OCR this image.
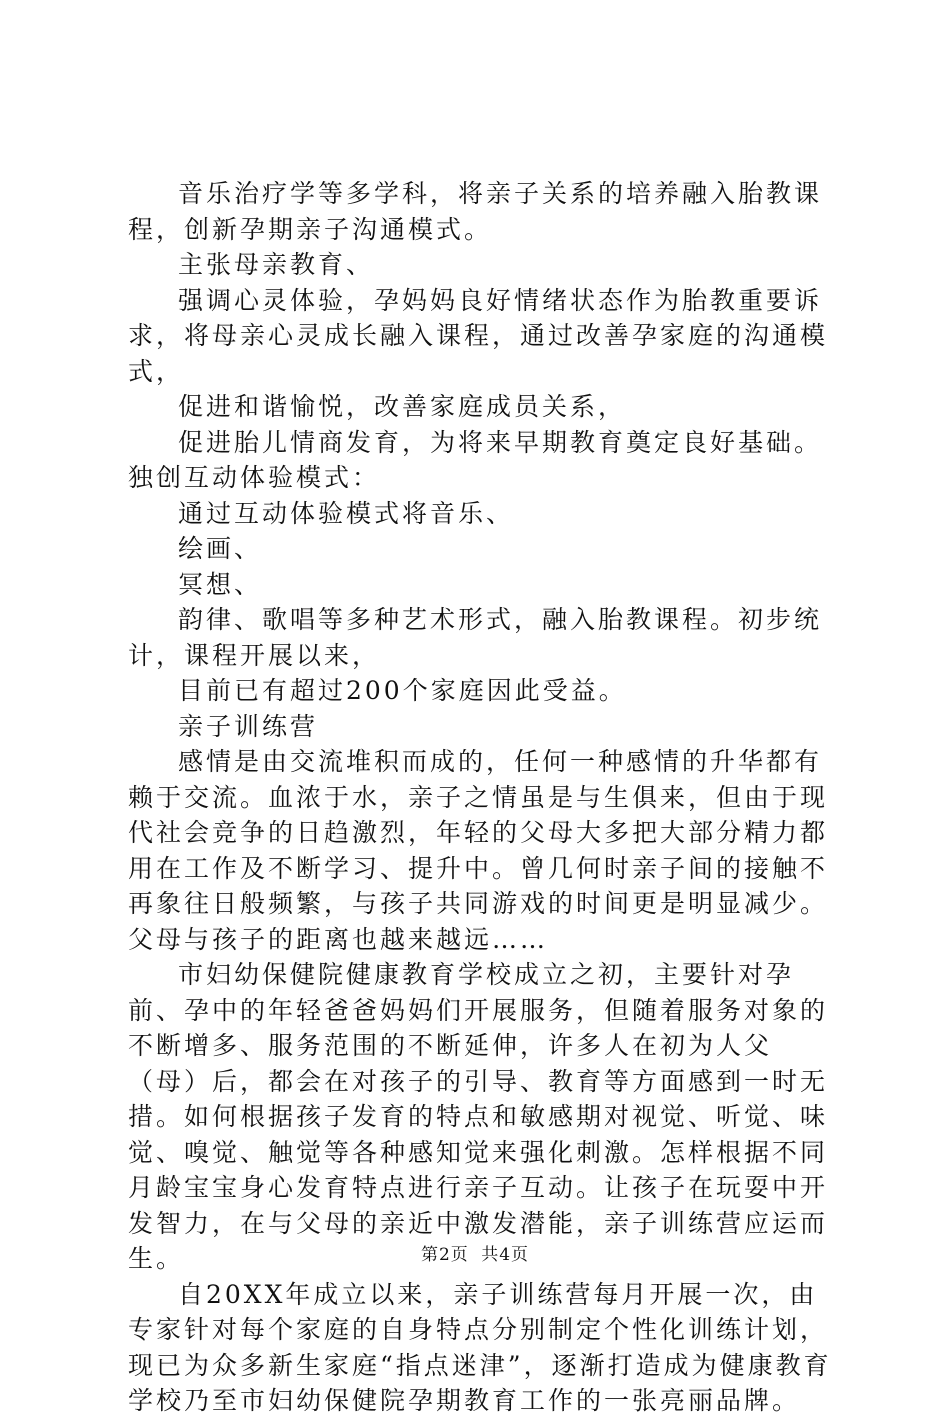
音乐治疗学等多学科，将亲子关系的培养融入胎教课程，创新孕期亲子沟通模式。

主张母亲教育、

强调心灵体验，孕妈妈良好情绪状态作为胎教重要诉求，将母亲心灵成长融入课程，通过改善孕家庭的沟通模式，

促进和谐愉悦，改善家庭成员关系，

促进胎儿情商发育，为将来早期教育奠定良好基础。独创互动体验模式：

通过互动体验模式将音乐、

绘画、

冥想、

韵律、歌唱等多种艺术形式，融入胎教课程。初步统计，课程开展以来，

目前已有超过200个家庭因此受益。

亲子训练营

感情是由交流堆积而成的，任何一种感情的升华都有赖于交流。血浓于水，亲子之情虽是与生俱来，但由于现代社会竞争的日趋激烈，年轻的父母大多把大部分精力都用在工作及不断学习、提升中。曾几何时亲子间的接触不再象往日般频繁，与孩子共同游戏的时间更是明显减少。父母与孩子的距离也越来越远……

市妇幼保健院健康教育学校成立之初，主要针对孕前、孕中的年轻爸爸妈妈们开展服务，但随着服务对象的不断增多、服务范围的不断延伸，许多人在初为人父（母）后，都会在对孩子的引导、教育等方面感到一时无措。如何根据孩子发育的特点和敏感期对视觉、听觉、味觉、嗅觉、触觉等各种感知觉来强化刺激。怎样根据不同月龄宝宝身心发育特点进行亲子互动。让孩子在玩耍中开发智力，在与父母的亲近中激发潜能，亲子训练营应运而生。

自20XX年成立以来，亲子训练营每月开展一次，由专家针对每个家庭的自身特点分别制定个性化训练计划，现已为众多新生家庭“指点迷津”，逐渐打造成为健康教育学校乃至市妇幼保健院孕期教育工作的一张亮丽品牌。

第2页 共4页
